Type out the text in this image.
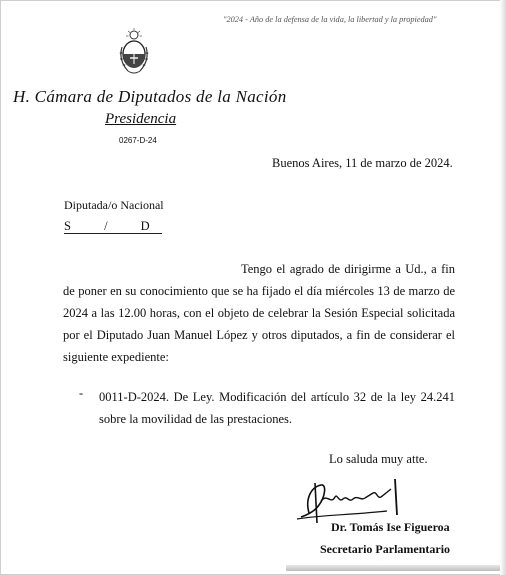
"2024 - Año de la defensa de la vida, la libertad y la propiedad"
H. Cámara de Diputados de la Nación
Presidencia
0267-D-24
Buenos Aires, 11 de marzo de 2024.
Diputada/o Nacional
S         /         D
Tengo el agrado de dirigirme a Ud., a fin de poner en su conocimiento que se ha fijado el día miércoles 13 de marzo de 2024 a las 12.00 horas, con el objeto de celebrar la Sesión Especial solicitada por el Diputado Juan Manuel López y otros diputados, a fin de considerar el siguiente expediente:
- 0011-D-2024. De Ley. Modificación del artículo 32 de la ley 24.241 sobre la movilidad de las prestaciones.
Lo saluda muy atte.
Dr. Tomás Ise Figueroa
Secretario Parlamentario
